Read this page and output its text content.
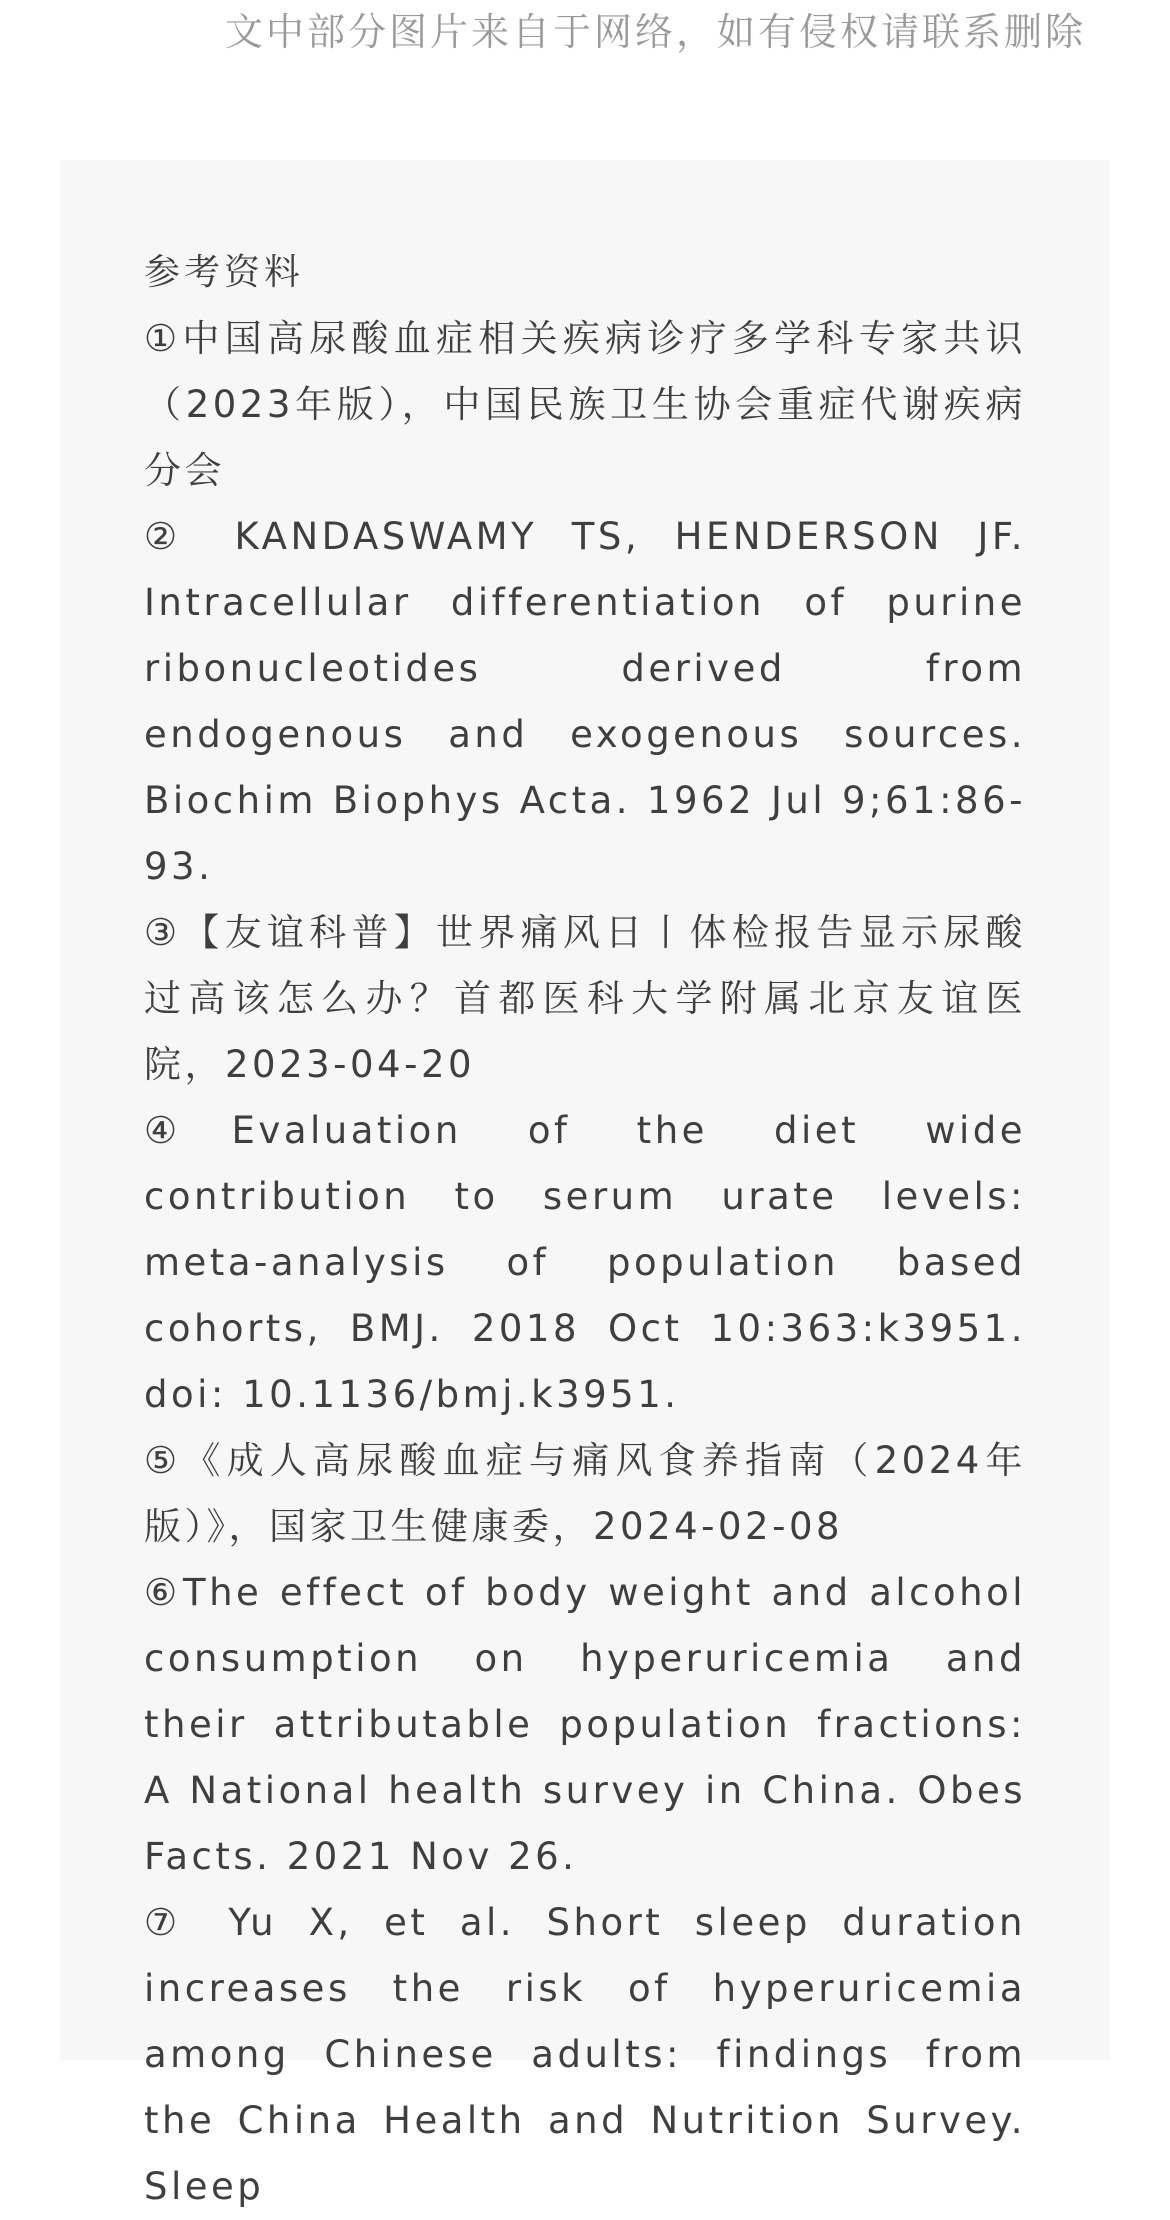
文中部分图片来自于网络，如有侵权请联系删除
参考资料

①中国高尿酸血症相关疾病诊疗多学科专家共识（2023年版），中国民族卫生协会重症代谢疾病分会

② KANDASWAMY TS, HENDERSON JF. Intracellular differentiation of purine ribonucleotides derived from endogenous and exogenous sources. Biochim Biophys Acta. 1962 Jul 9;61:86-93.

③【友谊科普】世界痛风日丨体检报告显示尿酸过高该怎么办？首都医科大学附属北京友谊医院，2023-04-20

④Evaluation of the diet wide contribution to serum urate levels: meta-analysis of population based cohorts, BMJ. 2018 Oct 10:363:k3951. doi: 10.1136/bmj.k3951.

⑤《成人高尿酸血症与痛风食养指南（2024年版）》，国家卫生健康委，2024-02-08

⑥The effect of body weight and alcohol consumption on hyperuricemia and their attributable population fractions: A National health survey in China. Obes Facts. 2021 Nov 26.

⑦ Yu X, et al. Short sleep duration increases the risk of hyperuricemia among Chinese adults: findings from the China Health and Nutrition Survey. Sleep
